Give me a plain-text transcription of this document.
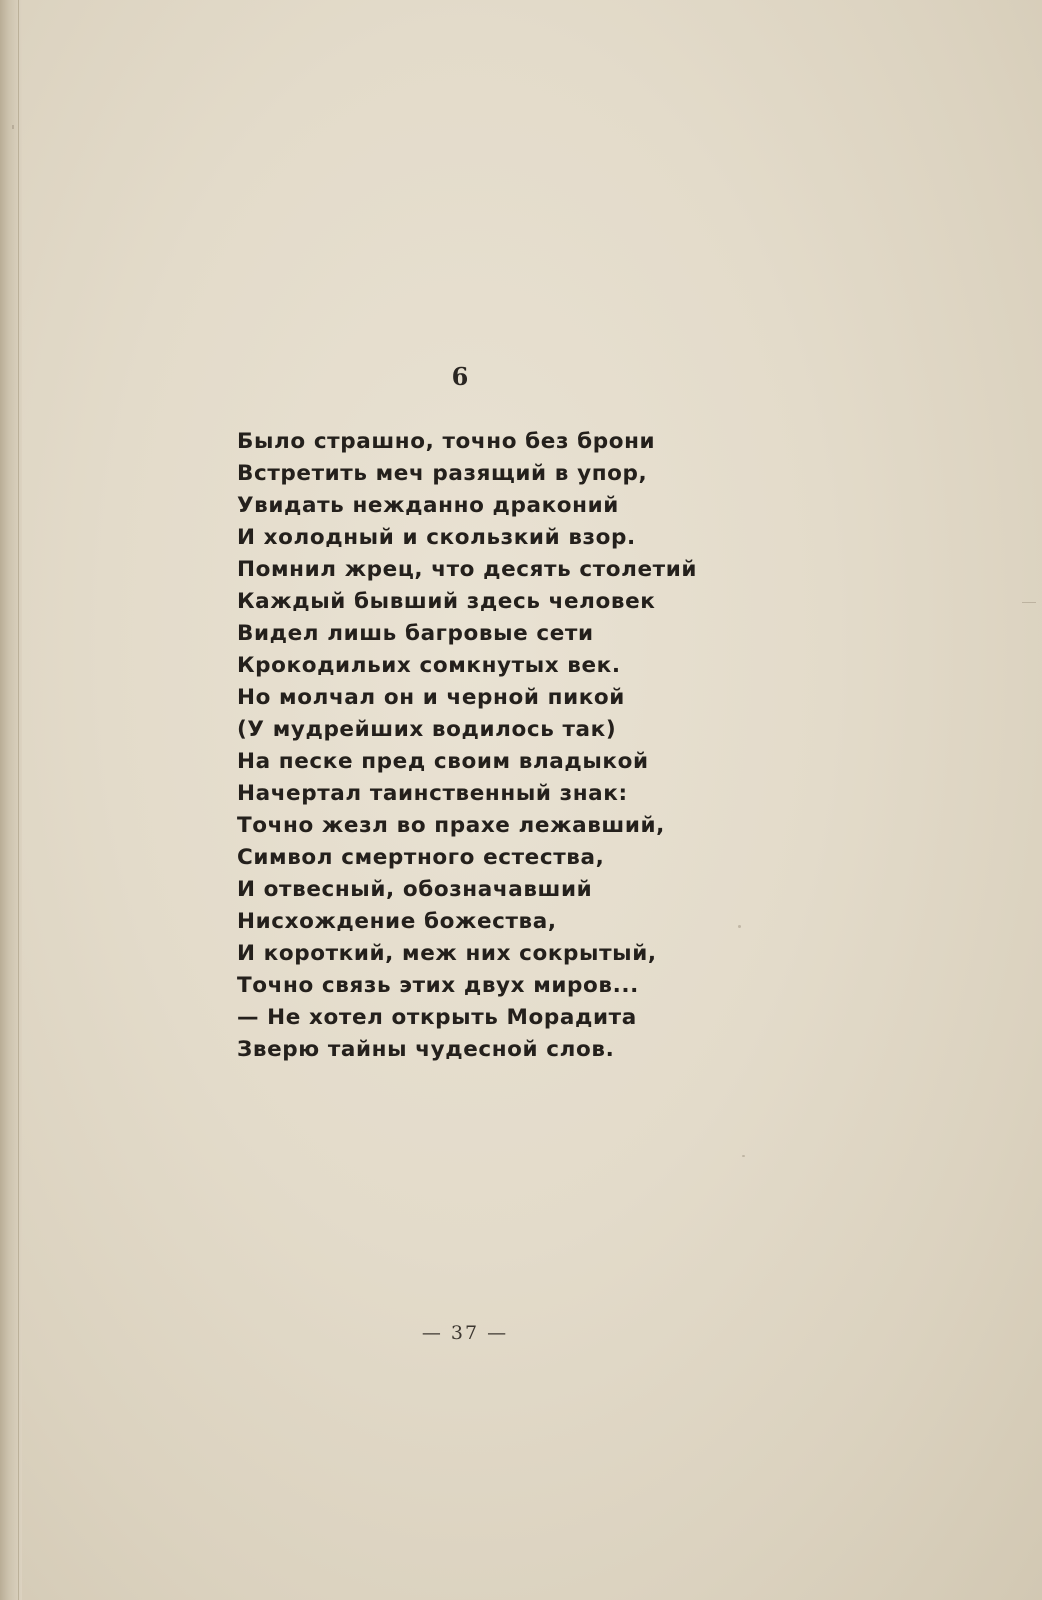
6
Было страшно, точно без брони
Встретить меч разящий в упор,
Увидать нежданно драконий
И холодный и скользкий взор.
Помнил жрец, что десять столетий
Каждый бывший здесь человек
Видел лишь багровые сети
Крокодильих сомкнутых век.
Но молчал он и черной пикой
(У мудрейших водилось так)
На песке пред своим владыкой
Начертал таинственный знак:
Точно жезл во прахе лежавший,
Символ смертного естества,
И отвесный, обозначавший
Нисхождение божества,
И короткий, меж них сокрытый,
Точно связь этих двух миров...
— Не хотел открыть Морадита
Зверю тайны чудесной слов.
— 37 —
